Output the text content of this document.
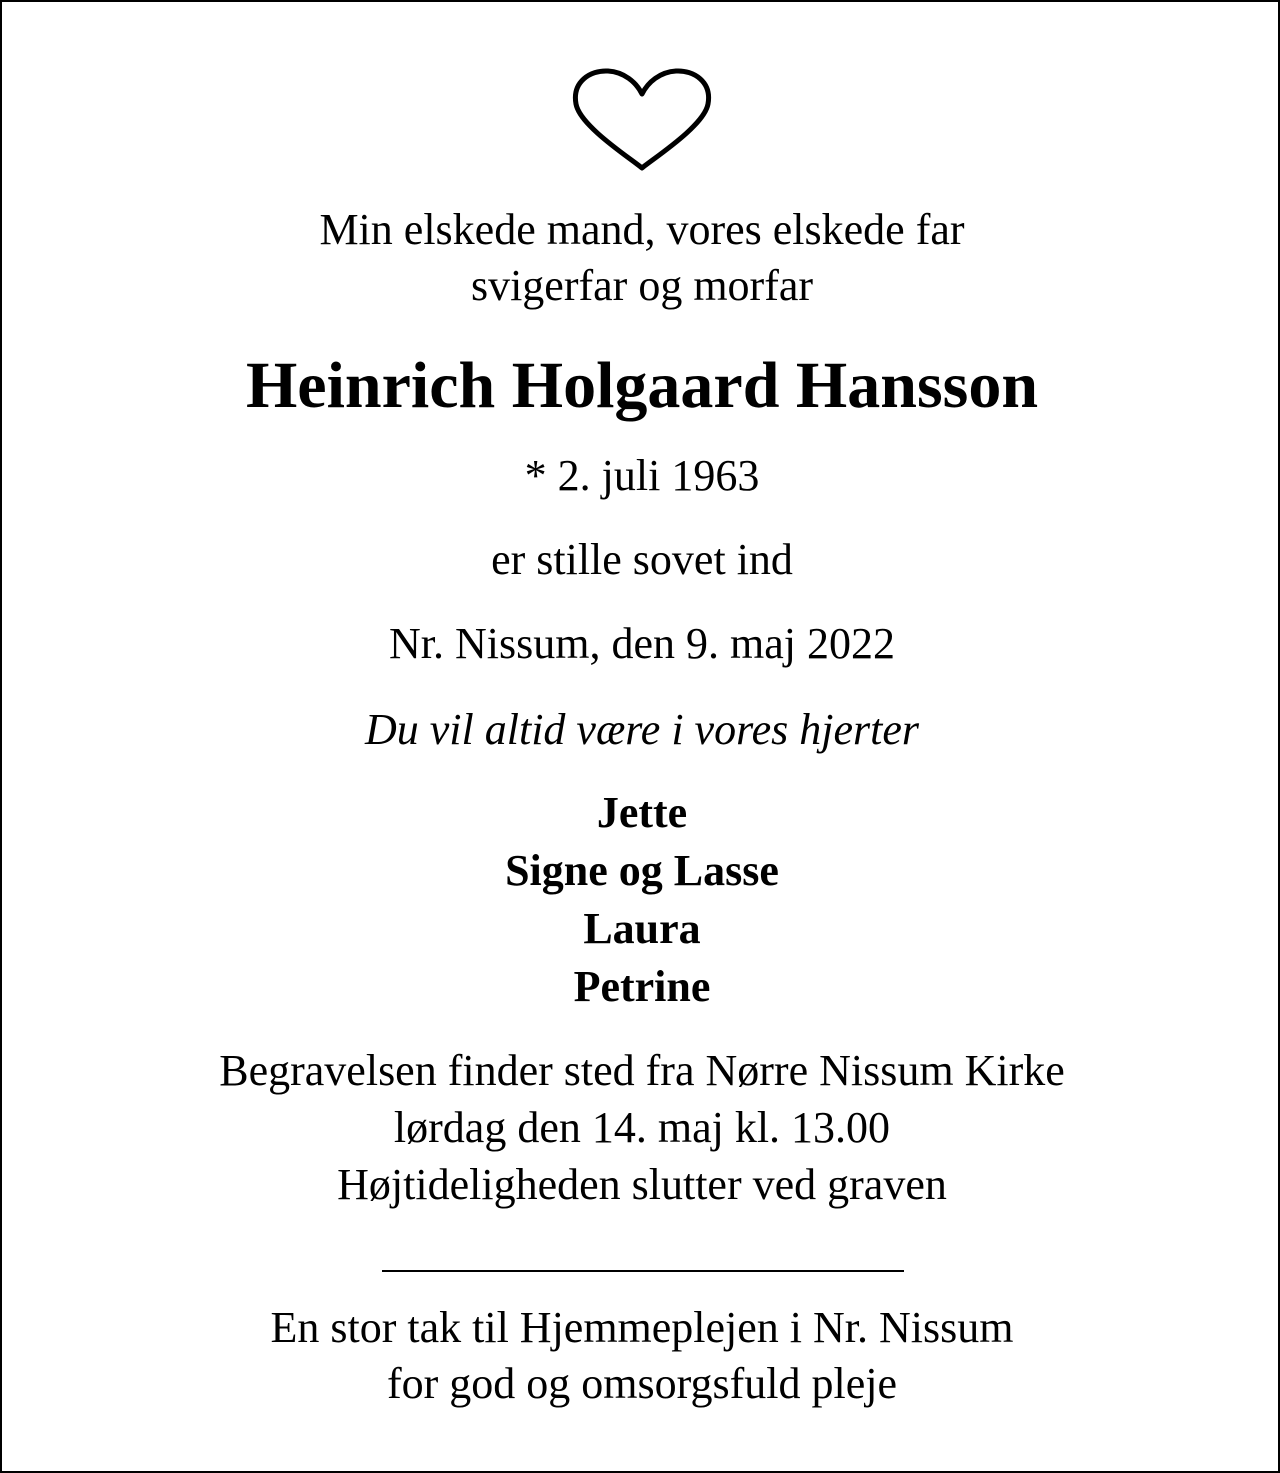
Min elskede mand, vores elskede far
svigerfar og morfar
Heinrich Holgaard Hansson
* 2. juli 1963
er stille sovet ind
Nr. Nissum, den 9. maj 2022
Du vil altid være i vores hjerter
Jette
Signe og Lasse
Laura
Petrine
Begravelsen finder sted fra Nørre Nissum Kirke
lørdag den 14. maj kl. 13.00
Højtideligheden slutter ved graven
En stor tak til Hjemmeplejen i Nr. Nissum
for god og omsorgsfuld pleje
